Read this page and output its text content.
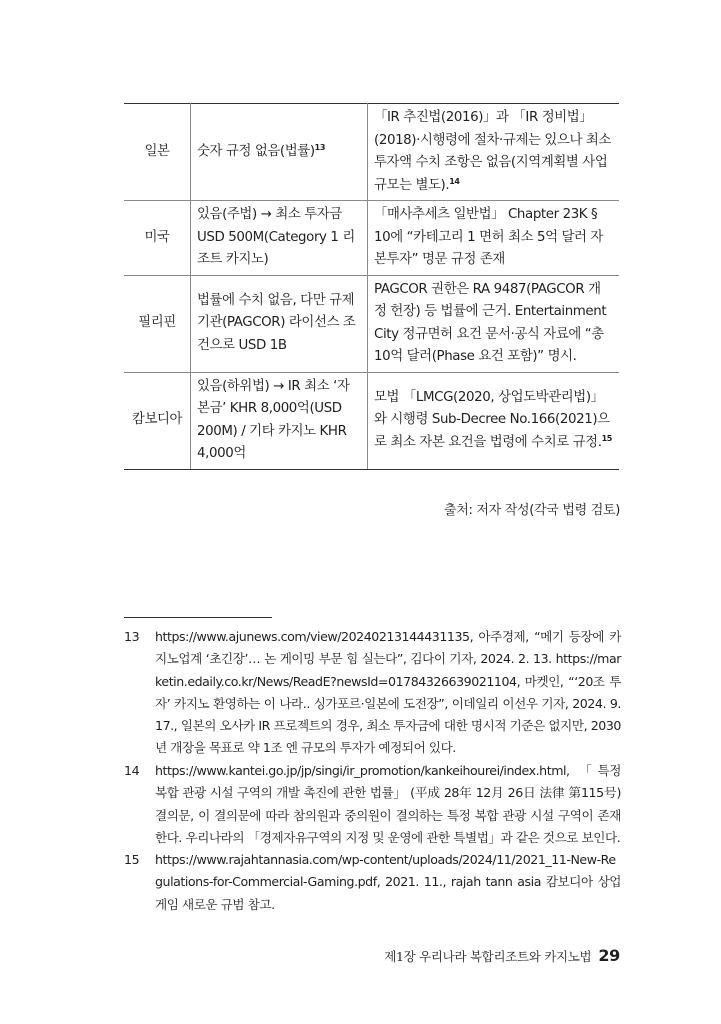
일본	숫자 규정 없음(법률)$^{13}$	「IR 추진법(2016)」과 「IR 정비법」(2018)·시행령에 절차·규제는 있으나 최소 투자액 수치 조항은 없음(지역계획별 사업규모는 별도).$^{14}$
미국	있음(주법) → 최소 투자금 USD 500M(Category 1 리조트 카지노)	「매사추세츠 일반법」 Chapter 23K § 10에 “카테고리 1 면허 최소 5억 달러 자본투자” 명문 규정 존재
필리핀	법률에 수치 없음, 다만 규제기관(PAGCOR) 라이선스 조건으로 USD 1B	PAGCOR 권한은 RA 9487(PAGCOR 개정 헌장) 등 법률에 근거. Entertainment City 정규면허 요건 문서·공식 자료에 “총 10억 달러(Phase 요건 포함)” 명시.
캄보디아	있음(하위법) → IR 최소 ‘자본금’ KHR 8,000억(USD 200M) / 기타 카지노 KHR 4,000억	모법 「LMCG(2020, 상업도박관리법)」와 시행령 Sub-Decree No.166(2021)으로 최소 자본 요건을 법령에 수치로 규정.$^{15}$
출처: 저자 작성(각국 법령 검토)
13 https://www.ajunews.com/view/20240213144431135, 아주경제, “메기 등장에 카지노업계 ‘초긴장’… 논 게이밍 부문 힘 실는다”, 김다이 기자, 2024. 2. 13. https://marketin.edaily.co.kr/News/ReadE?newsId=01784326639021104, 마켓인, “‘20조 투자’ 카지노 환영하는 이 나라.. 싱가포르·일본에 도전장”, 이데일리 이선우 기자, 2024. 9. 17., 일본의 오사카 IR 프로젝트의 경우, 최소 투자금에 대한 명시적 기준은 없지만, 2030년 개장을 목표로 약 1조 엔 규모의 투자가 예정되어 있다.
14 https://www.kantei.go.jp/jp/singi/ir_promotion/kankeihourei/index.html, 「특정 복합 관광 시설 구역의 개발 촉진에 관한 법률」 (平成 28年 12月 26日 法律 第115号) 결의문, 이 결의문에 따라 참의원과 중의원이 결의하는 특정 복합 관광 시설 구역이 존재한다. 우리나라의 「경제자유구역의 지정 및 운영에 관한 특별법」과 같은 것으로 보인다.
15 https://www.rajahtannasia.com/wp-content/uploads/2024/11/2021_11-New-Regulations-for-Commercial-Gaming.pdf, 2021. 11., rajah tann asia 캄보디아 상업게임 새로운 규범 참고.
제1장 우리나라 복합리조트와 카지노법 29
